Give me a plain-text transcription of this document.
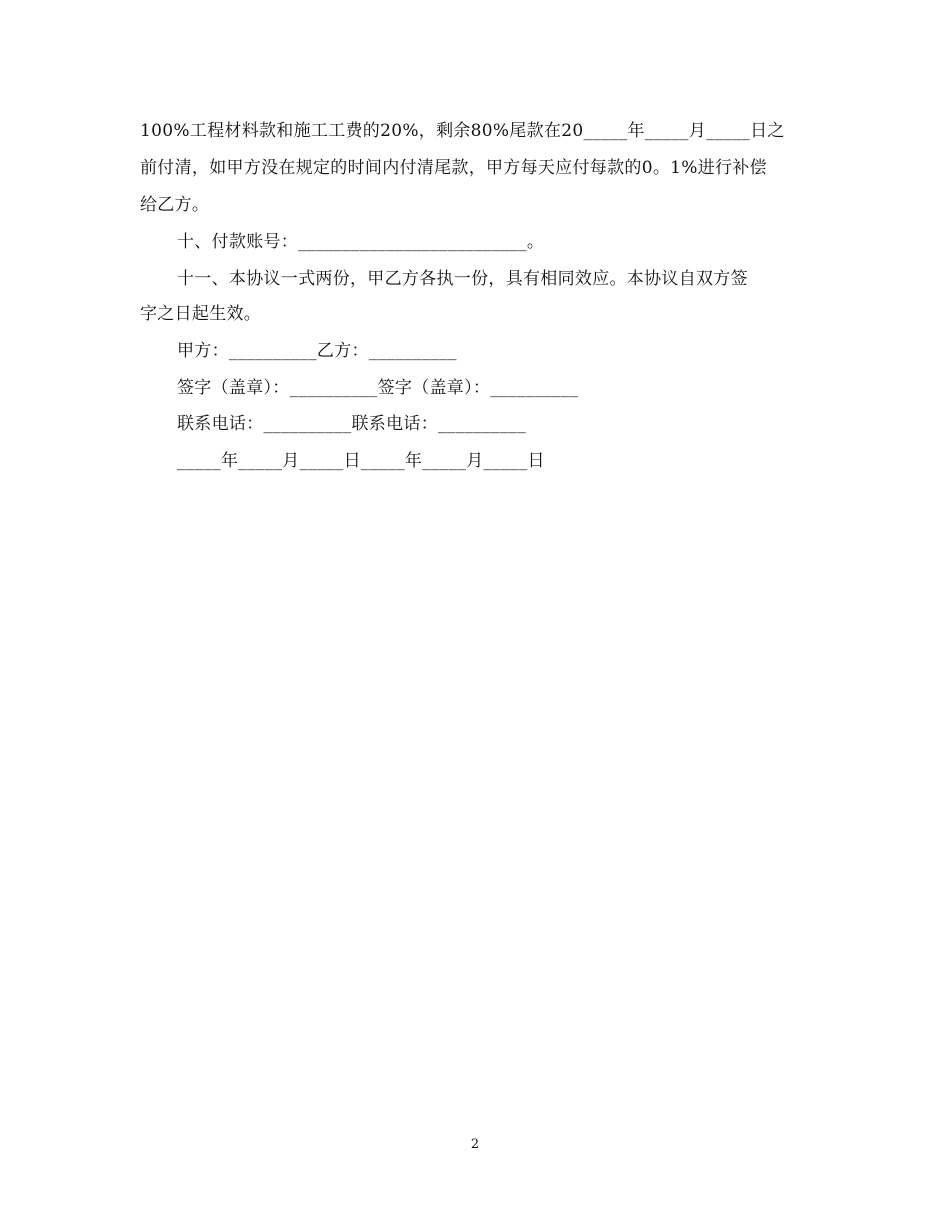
100%工程材料款和施工工费的20%，剩余80%尾款在20_____年_____月_____日之
前付清，如甲方没在规定的时间内付清尾款，甲方每天应付每款的0。1%进行补偿
给乙方。
十、付款账号：__________________________。
十一、本协议一式两份，甲乙方各执一份，具有相同效应。本协议自双方签
字之日起生效。
甲方：__________乙方：__________
签字（盖章）：__________签字（盖章）：__________
联系电话：__________联系电话：__________
_____年_____月_____日_____年_____月_____日
2
